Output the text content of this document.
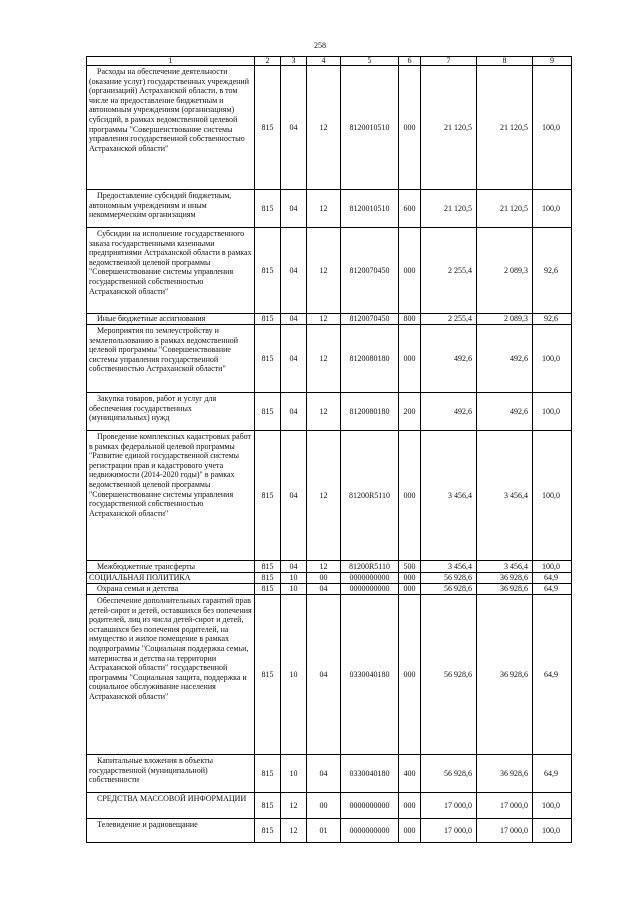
258
1	2	3	4	5	6	7	8	9
Расходы на обеспечение деятельности (оказание услуг) государственных учреждений (организаций) Астраханской области, в том числе на предоставление бюджетным и автономным учреждениям (организациям) субсидий, в рамках ведомственной целевой программы "Совершенствование системы управления государственной собственностью Астраханской области"	815	04	12	8120010510	000	21 120,5	21 120,5	100,0
Предоставление субсидий бюджетным, автономным учреждениям и иным некоммерческим организациям	815	04	12	8120010510	600	21 120,5	21 120,5	100,0
Субсидии на исполнение государственного заказа государственными казенными предприятиями Астраханской области в рамках ведомственной целевой программы "Совершенствование системы управления государственной собственностью Астраханской области"	815	04	12	8120070450	000	2 255,4	2 089,3	92,6
Иные бюджетные ассигнования	815	04	12	8120070450	800	2 255,4	2 089,3	92,6
Мероприятия по землеустройству и землепользованию в рамках ведомственной целевой программы "Совершенствование системы управления государственной собственностью Астраханской области"	815	04	12	8120080180	000	492,6	492,6	100,0
Закупка товаров, работ и услуг для обеспечения государственных (муниципальных) нужд	815	04	12	8120080180	200	492,6	492,6	100,0
Проведение комплексных кадастровых работ в рамках федеральной целевой программы "Развитие единой государственной системы регистрации прав и кадастрового учета недвижимости (2014-2020 годы)" в рамках ведомственной целевой программы "Совершенствование системы управления государственной собственностью Астраханской области"	815	04	12	81200R5110	000	3 456,4	3 456,4	100,0
Межбюджетные трансферты	815	04	12	81200R5110	500	3 456,4	3 456,4	100,0
СОЦИАЛЬНАЯ ПОЛИТИКА	815	10	00	0000000000	000	56 928,6	36 928,6	64,9
Охрана семьи и детства	815	10	04	0000000000	000	56 928,6	36 928,6	64,9
Обеспечение дополнительных гарантий прав детей-сирот и детей, оставшихся без попечения родителей, лиц из числа детей-сирот и детей, оставшихся без попечения родителей, на имущество и жилое помещение в рамках подпрограммы "Социальная поддержка семьи, материнства и детства на территории Астраханской области" государственной программы "Социальная защита, поддержка и социальное обслуживание населения Астраханской области"	815	10	04	0330040180	000	56 928,6	36 928,6	64,9
Капитальные вложения в объекты государственной (муниципальной) собственности	815	10	04	0330040180	400	56 928,6	36 928,6	64,9
СРЕДСТВА МАССОВОЙ ИНФОРМАЦИИ	815	12	00	0000000000	000	17 000,0	17 000,0	100,0
Телевидение и радиовещание	815	12	01	0000000000	000	17 000,0	17 000,0	100,0
